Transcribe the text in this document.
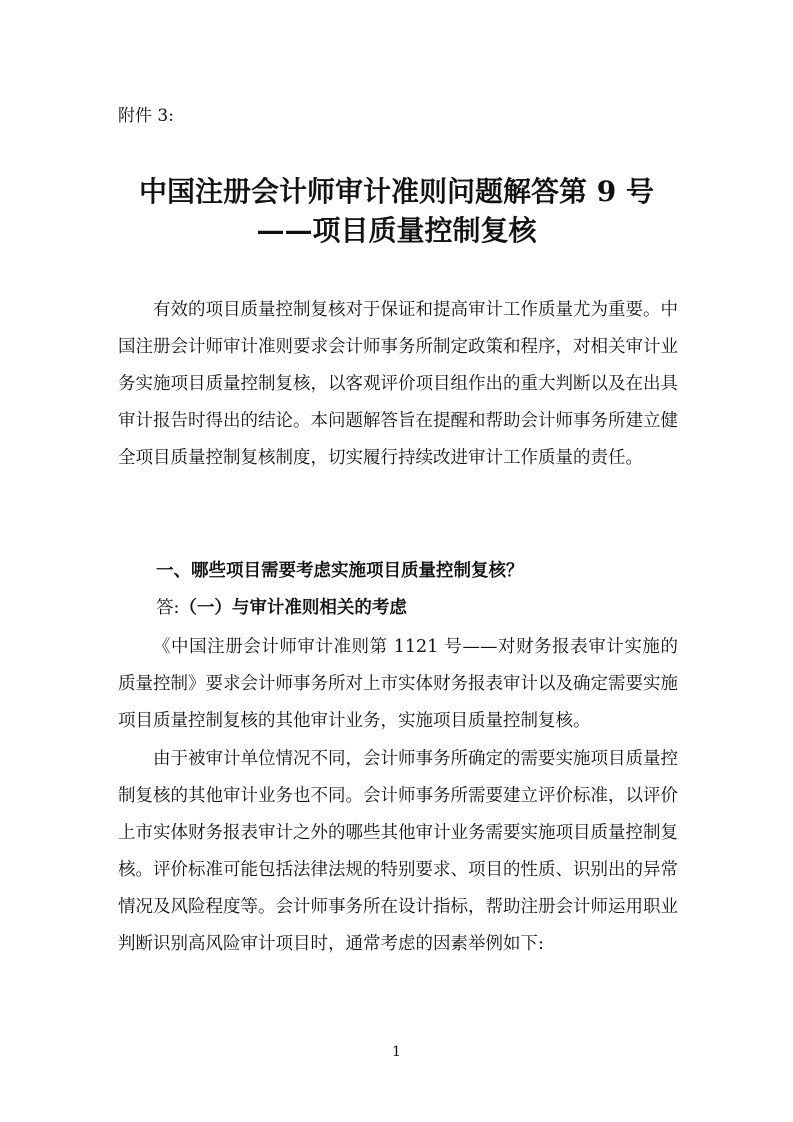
附件 3:
中国注册会计师审计准则问题解答第 9 号
——项目质量控制复核

有效的项目质量控制复核对于保证和提高审计工作质量尤为重要。中国注册会计师审计准则要求会计师事务所制定政策和程序，对相关审计业务实施项目质量控制复核，以客观评价项目组作出的重大判断以及在出具审计报告时得出的结论。本问题解答旨在提醒和帮助会计师事务所建立健全项目质量控制复核制度，切实履行持续改进审计工作质量的责任。

一、哪些项目需要考虑实施项目质量控制复核？
答:（一）与审计准则相关的考虑

《中国注册会计师审计准则第 1121 号——对财务报表审计实施的质量控制》要求会计师事务所对上市实体财务报表审计以及确定需要实施项目质量控制复核的其他审计业务，实施项目质量控制复核。

由于被审计单位情况不同，会计师事务所确定的需要实施项目质量控制复核的其他审计业务也不同。会计师事务所需要建立评价标准，以评价上市实体财务报表审计之外的哪些其他审计业务需要实施项目质量控制复核。评价标准可能包括法律法规的特别要求、项目的性质、识别出的异常情况及风险程度等。会计师事务所在设计指标，帮助注册会计师运用职业判断识别高风险审计项目时，通常考虑的因素举例如下:

1
